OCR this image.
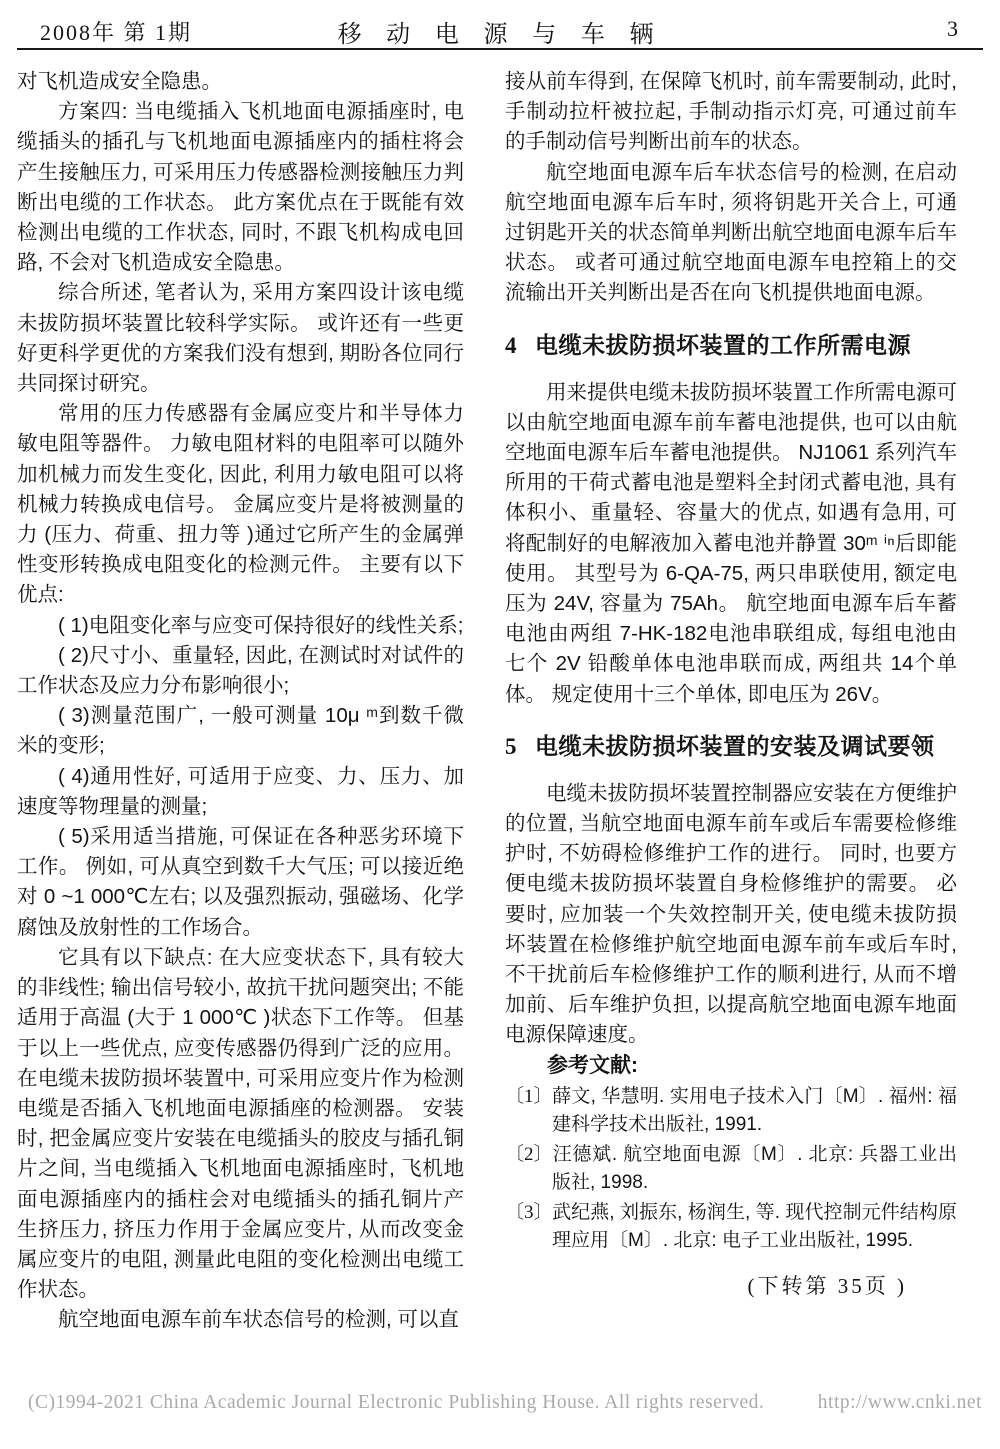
2008年 第 1期	移 动 电 源 与 车 辆	3

对飞机造成安全隐患。

方案四: 当电缆插入飞机地面电源插座时, 电缆插头的插孔与飞机地面电源插座内的插柱将会产生接触压力, 可采用压力传感器检测接触压力判断出电缆的工作状态。 此方案优点在于既能有效检测出电缆的工作状态, 同时, 不跟飞机构成电回路, 不会对飞机造成安全隐患。

综合所述, 笔者认为, 采用方案四设计该电缆未拔防损坏装置比较科学实际。 或许还有一些更好更科学更优的方案我们没有想到, 期盼各位同行共同探讨研究。

常用的压力传感器有金属应变片和半导体力敏电阻等器件。 力敏电阻材料的电阻率可以随外加机械力而发生变化, 因此, 利用力敏电阻可以将机械力转换成电信号。 金属应变片是将被测量的力 (压力、荷重、扭力等 )通过它所产生的金属弹性变形转换成电阻变化的检测元件。 主要有以下优点:

( 1)电阻变化率与应变可保持很好的线性关系;

( 2)尺寸小、重量轻, 因此, 在测试时对试件的工作状态及应力分布影响很小;

( 3)测量范围广, 一般可测量 10μ ᵐ到数千微米的变形;

( 4)通用性好, 可适用于应变、力、压力、加速度等物理量的测量;

( 5)采用适当措施, 可保证在各种恶劣环境下工作。 例如, 可从真空到数千大气压; 可以接近绝对 0 ~1 000℃左右; 以及强烈振动, 强磁场、化学腐蚀及放射性的工作场合。

它具有以下缺点: 在大应变状态下, 具有较大的非线性; 输出信号较小, 故抗干扰问题突出; 不能适用于高温 (大于 1 000℃ )状态下工作等。 但基于以上一些优点, 应变传感器仍得到广泛的应用。 在电缆未拔防损坏装置中, 可采用应变片作为检测电缆是否插入飞机地面电源插座的检测器。 安装时, 把金属应变片安装在电缆插头的胶皮与插孔铜片之间, 当电缆插入飞机地面电源插座时, 飞机地面电源插座内的插柱会对电缆插头的插孔铜片产生挤压力, 挤压力作用于金属应变片, 从而改变金属应变片的电阻, 测量此电阻的变化检测出电缆工作状态。

航空地面电源车前车状态信号的检测, 可以直

接从前车得到, 在保障飞机时, 前车需要制动, 此时, 手制动拉杆被拉起, 手制动指示灯亮, 可通过前车的手制动信号判断出前车的状态。

航空地面电源车后车状态信号的检测, 在启动航空地面电源车后车时, 须将钥匙开关合上, 可通过钥匙开关的状态简单判断出航空地面电源车后车状态。 或者可通过航空地面电源车电控箱上的交流输出开关判断出是否在向飞机提供地面电源。

4 电缆未拔防损坏装置的工作所需电源

用来提供电缆未拔防损坏装置工作所需电源可以由航空地面电源车前车蓄电池提供, 也可以由航空地面电源车后车蓄电池提供。 NJ1061 系列汽车所用的干荷式蓄电池是塑料全封闭式蓄电池, 具有体积小、重量轻、容量大的优点, 如遇有急用, 可将配制好的电解液加入蓄电池并静置 30ᵐ ⁱⁿ后即能使用。 其型号为 6-QA-75, 两只串联使用, 额定电压为 24V, 容量为 75Ah。 航空地面电源车后车蓄电池由两组 7-HK-182电池串联组成, 每组电池由七个 2V 铅酸单体电池串联而成, 两组共 14个单体。 规定使用十三个单体, 即电压为 26V。

5 电缆未拔防损坏装置的安装及调试要领

电缆未拔防损坏装置控制器应安装在方便维护的位置, 当航空地面电源车前车或后车需要检修维护时, 不妨碍检修维护工作的进行。 同时, 也要方便电缆未拔防损坏装置自身检修维护的需要。 必要时, 应加装一个失效控制开关, 使电缆未拔防损坏装置在检修维护航空地面电源车前车或后车时, 不干扰前后车检修维护工作的顺利进行, 从而不增加前、后车维护负担, 以提高航空地面电源车地面电源保障速度。

参考文献:

〔1〕薛文, 华慧明. 实用电子技术入门〔M〕. 福州: 福建科学技术出版社, 1991.
〔2〕汪德斌. 航空地面电源〔M〕. 北京: 兵器工业出版社, 1998.
〔3〕武纪燕, 刘振东, 杨润生, 等. 现代控制元件结构原理应用〔M〕. 北京: 电子工业出版社, 1995.
(下转第 35页 )
(C)1994-2021 China Academic Journal Electronic Publishing House. All rights reserved.	http://www.cnki.net
